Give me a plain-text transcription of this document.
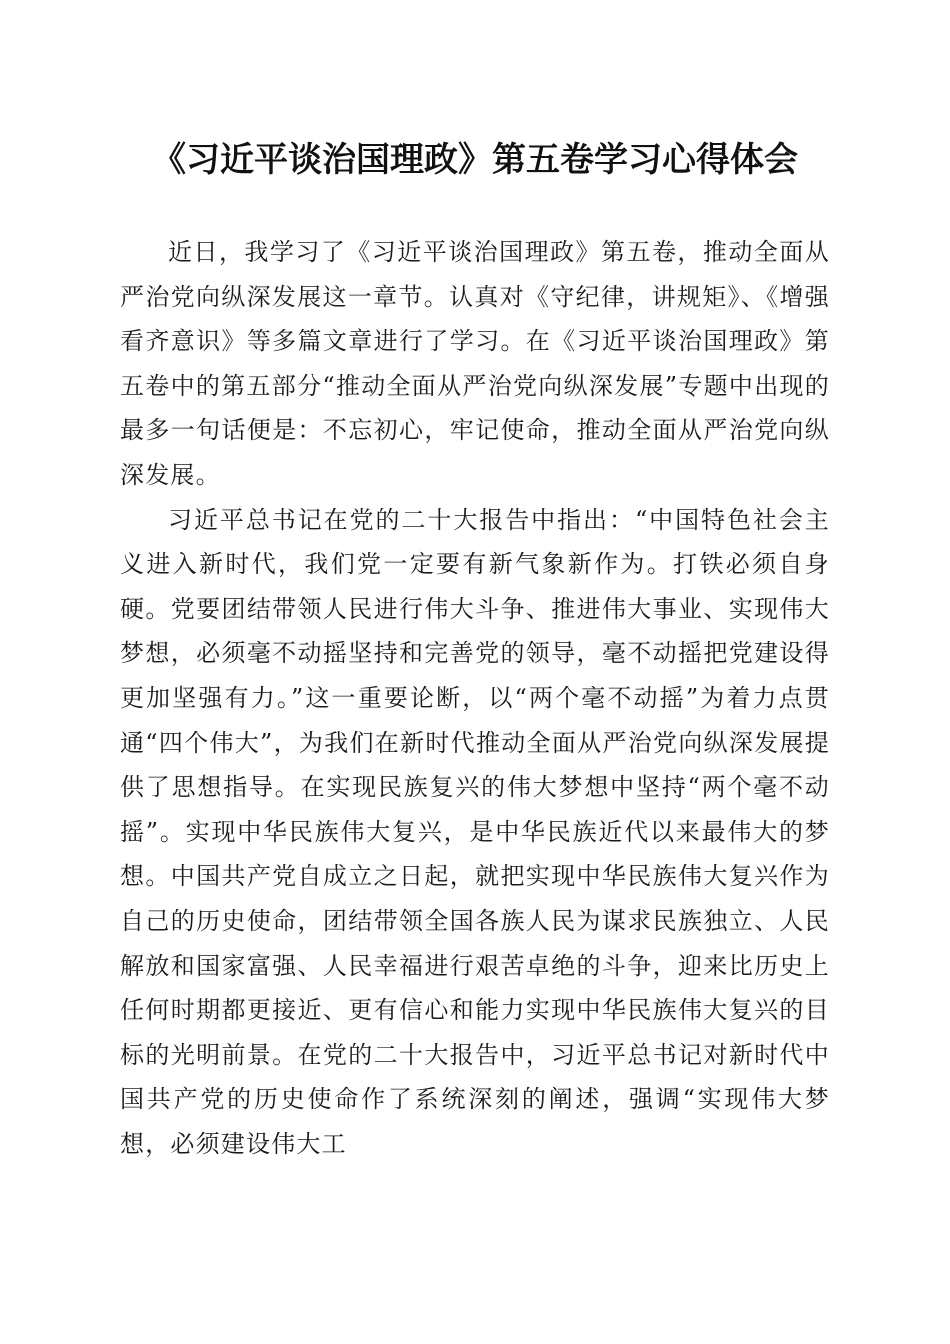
《习近平谈治国理政》第五卷学习心得体会

近日，我学习了《习近平谈治国理政》第五卷，推动全面从严治党向纵深发展这一章节。认真对《守纪律，讲规矩》、《增强看齐意识》等多篇文章进行了学习。在《习近平谈治国理政》第五卷中的第五部分“推动全面从严治党向纵深发展”专题中出现的最多一句话便是：不忘初心，牢记使命，推动全面从严治党向纵深发展。

习近平总书记在党的二十大报告中指出：“中国特色社会主义进入新时代，我们党一定要有新气象新作为。打铁必须自身硬。党要团结带领人民进行伟大斗争、推进伟大事业、实现伟大梦想，必须毫不动摇坚持和完善党的领导，毫不动摇把党建设得更加坚强有力。”这一重要论断，以“两个毫不动摇”为着力点贯通“四个伟大”，为我们在新时代推动全面从严治党向纵深发展提供了思想指导。在实现民族复兴的伟大梦想中坚持“两个毫不动摇”。实现中华民族伟大复兴，是中华民族近代以来最伟大的梦想。中国共产党自成立之日起，就把实现中华民族伟大复兴作为自己的历史使命，团结带领全国各族人民为谋求民族独立、人民解放和国家富强、人民幸福进行艰苦卓绝的斗争，迎来比历史上任何时期都更接近、更有信心和能力实现中华民族伟大复兴的目标的光明前景。在党的二十大报告中，习近平总书记对新时代中国共产党的历史使命作了系统深刻的阐述，强调“实现伟大梦想，必须建设伟大工
